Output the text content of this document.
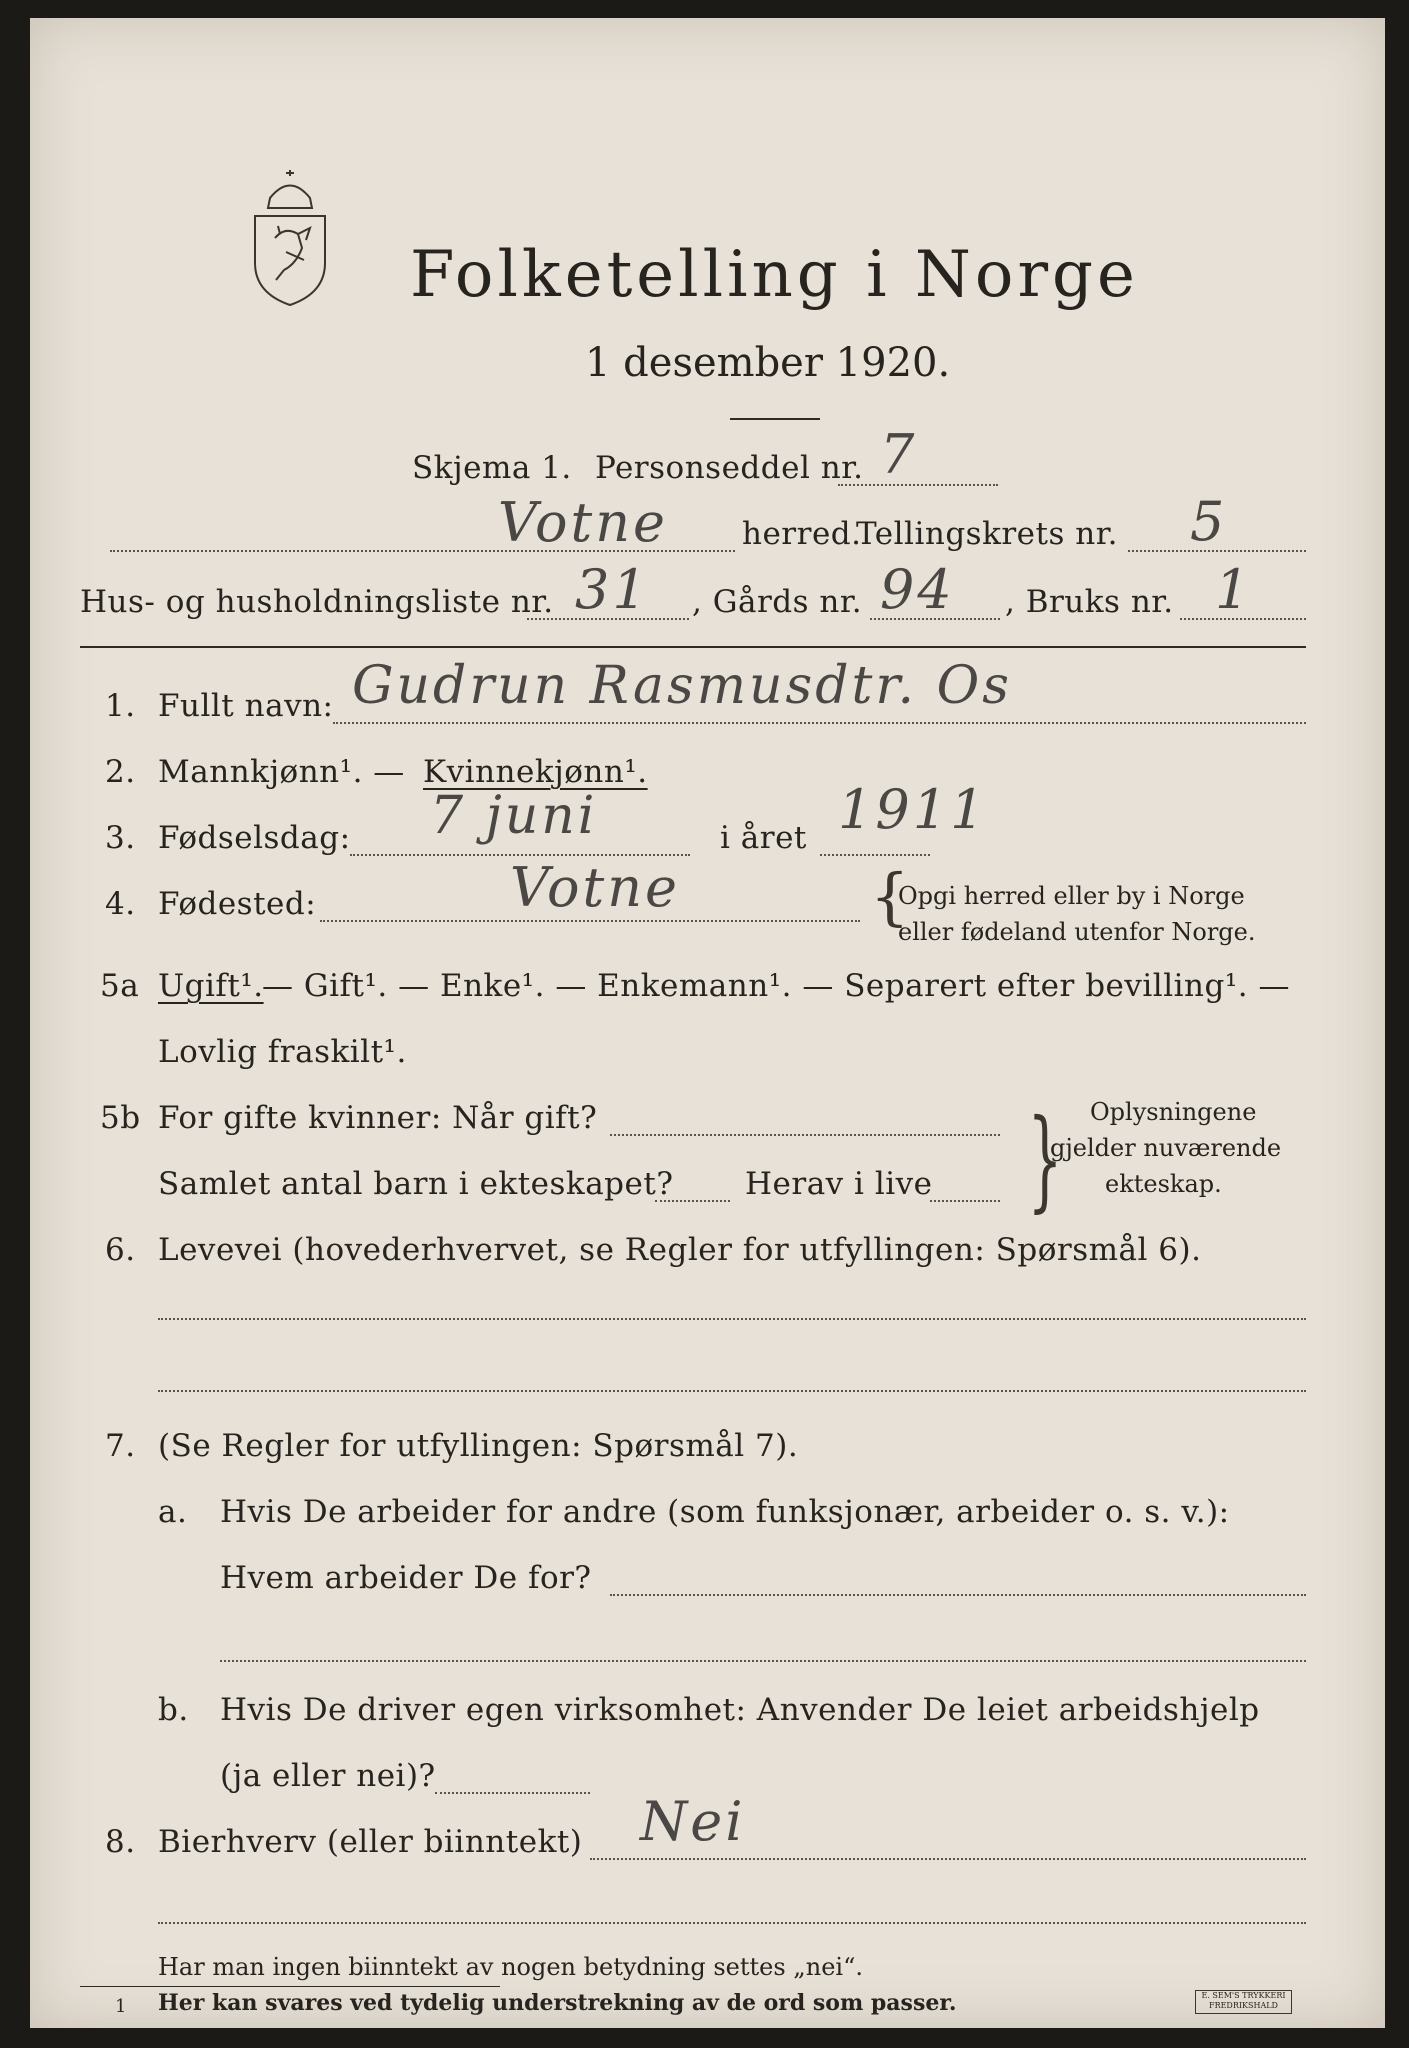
Folketelling i Norge
1 desember 1920.
Skjema 1. Personseddel nr. 7
Votne herred.
Tellingskrets nr. 5
Hus- og husholdningsliste nr. 31 , Gårds nr. 94 , Bruks nr. 1
1. Fullt navn: Gudrun Rasmusdtr. Os
2. Mannkjønn¹. — Kvinnekjønn¹.
3. Fødselsdag: 7 juni	i året 1911
4. Fødested:	Votne	{
Opgi herred eller by i Norge
eller fødeland utenfor Norge.
5a Ugift¹.
— Gift¹. — Enke¹. — Enkemann¹. — Separert efter bevilling¹. —
Lovlig fraskilt¹.
5b For gifte kvinner: Når gift?
Samlet antal barn i ekteskapet? Herav i live } Oplysningene
gjelder nuværende
ekteskap.
6. Levevei (hovederhvervet, se Regler for utfyllingen: Spørsmål 6).
7. (Se Regler for utfyllingen: Spørsmål 7).
a. Hvis De arbeider for andre (som funksjonær, arbeider o. s. v.):
Hvem arbeider De for?
b. Hvis De driver egen virksomhet: Anvender De leiet arbeidshjelp
(ja eller nei)?
8. Bierhverv (eller biinntekt) Nei
Har man ingen biinntekt av nogen betydning settes „nei“.
1 Her kan svares ved tydelig understrekning av de ord som passer.	E. SEM'S TRYKKERI FREDRIKSHALD
